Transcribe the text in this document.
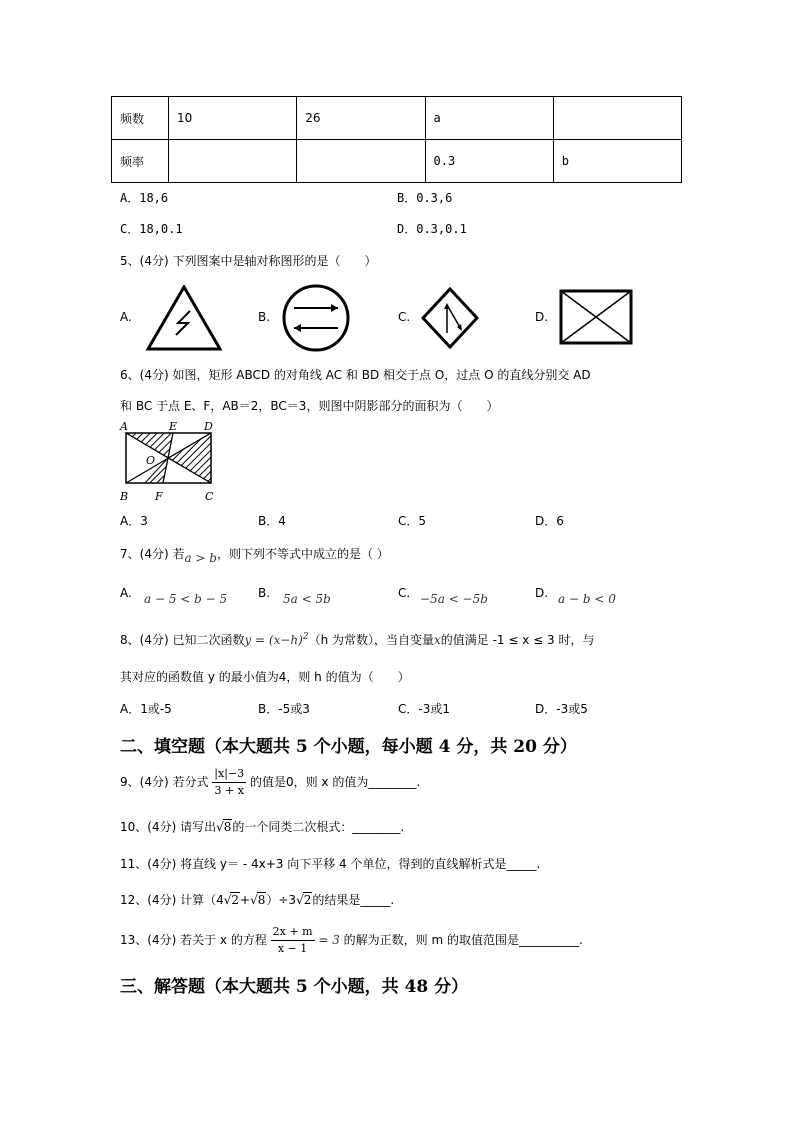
频数	10	26	a	
频率			0.3	b
A．18,6	B．0.3,6
C．18,0.1	D．0.3,0.1
5、(4分) 下列图案中是轴对称图形的是（　　）
A.	B.	C.	D.
6、(4分) 如图，矩形 ABCD 的对角线 AC 和 BD 相交于点 O，过点 O 的直线分别交 AD
和 BC 于点 E、F，AB＝2，BC＝3，则图中阴影部分的面积为（　　）
A	E D
O
B F	C
A．3	B．4	C．5	D．6
7、(4分) 若a > b，则下列不等式中成立的是（ ）
A. a − 5 < b − 5	B. 5a < 5b	C. −5a < −5b	D. a − b < 0
8、(4分) 已知二次函数$y = (x-h)^2(h$ 为常数），当自变量x的值满足 -1 ≤ x ≤ 3 时，与
其对应的函数值 y 的最小值为4，则 h 的值为（　　）
A．1或-5	B．-5或3	C．-3或1	D．-3或5
二、填空题（本大题共 5 个小题，每小题 4 分，共 20 分）
9、(4分) 若分式 $\frac{|x|-3}{3 + x}$ 的值是0，则 x 的值为________.
10、(4分) 请写出√8的一个同类二次根式：________.
11、(4分) 将直线 y＝ - 4x+3 向下平移 4 个单位，得到的直线解析式是_____.
12、(4分) 计算（4√2+√8）÷3√2的结果是_____.
13、(4分) 若关于 x 的方程 $\frac{2x + m}{x - 1} = 3$ 的解为正数，则 m 的取值范围是__________.
三、解答题（本大题共 5 个小题，共 48 分）
